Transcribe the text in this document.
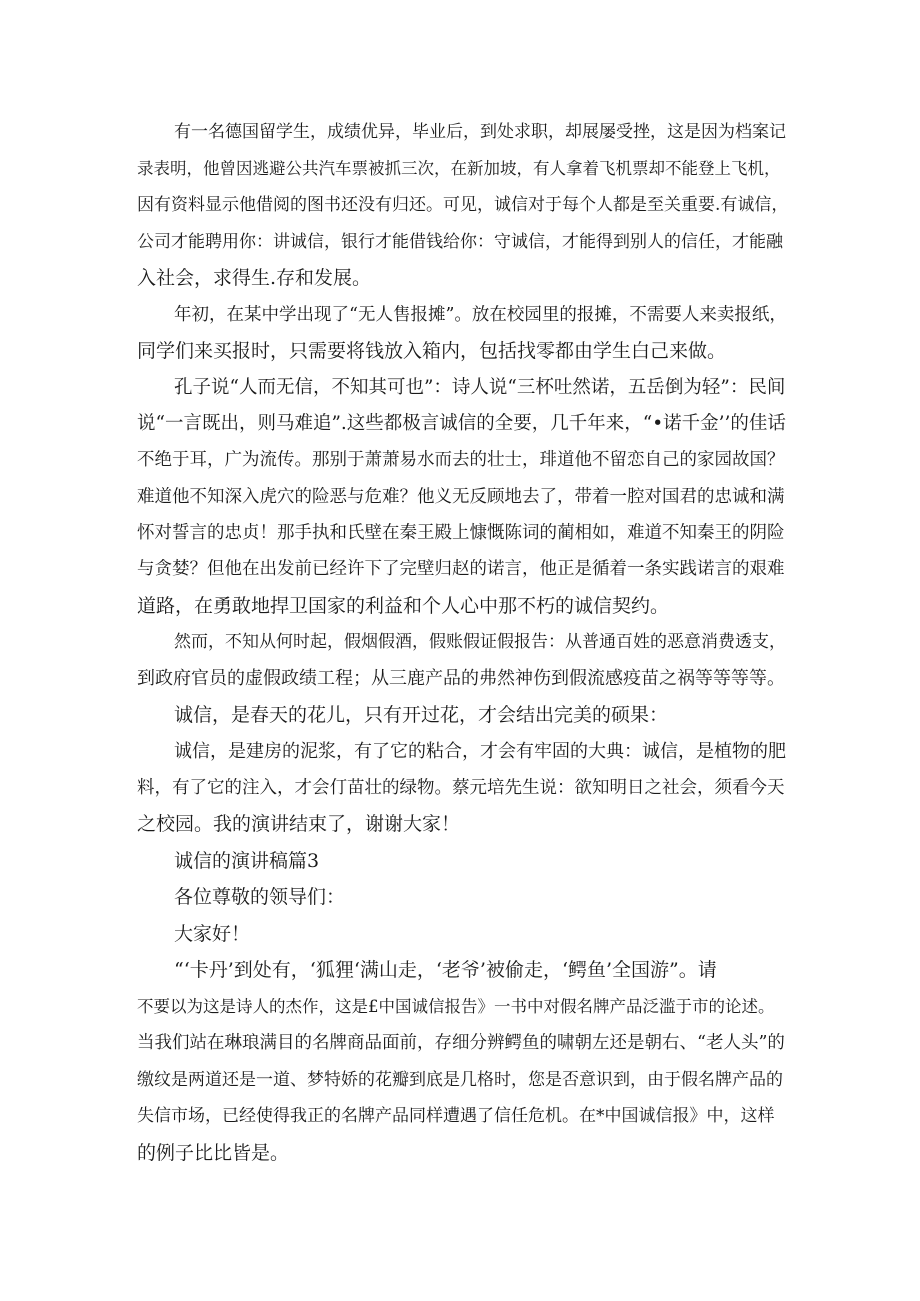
有一名德国留学生，成绩优异，毕业后，到处求职，却展屡受挫，这是因为档案记
录表明，他曾因逃避公共汽车票被抓三次，在新加坡，有人拿着飞机票却不能登上飞机，
因有资料显示他借阅的图书还没有归还。可见，诚信对于每个人都是至关重要.有诚信，
公司才能聘用你：讲诚信，银行才能借钱给你：守诚信，才能得到别人的信任，才能融
入社会，求得生.存和发展。
年初，在某中学出现了“无人售报摊”。放在校园里的报摊，不需要人来卖报纸，
同学们来买报时，只需要将钱放入箱内，包括找零都由学生白己来做。
孔子说“人而无信，不知其可也”：诗人说“三杯吐然诺，五岳倒为轻”：民间
说“一言既出，则马难追”.这些都极言诚信的全要，几千年来，“•诺千金’’的佳话
不绝于耳，广为流传。那别于萧萧易水而去的壮士，琲道他不留恋自己的家园故国？
难道他不知深入虎穴的险恶与危难？他义无反顾地去了，带着一腔对国君的忠诚和满
怀对誓言的忠贞！那手执和氏壁在秦王殿上慷慨陈词的蔺相如，难道不知秦王的阴险
与贪婪？但他在出发前已经许下了完壁归赵的诺言，他正是循着一条实践诺言的艰难
道路，在勇敢地捍卫国家的利益和个人心中那不朽的诚信契约。
然而，不知从何时起，假烟假酒，假账假证假报告：从普通百姓的恶意消费透支，
到政府官员的虚假政绩工程；从三鹿产品的弗然神伤到假流感疫苗之祸等等等等。
诚信，是春天的花儿，只有开过花，才会结出完美的硕果：
诚信，是建房的泥浆，有了它的粘合，才会有牢固的大典：诚信，是植物的肥
料，有了它的注入，才会仃苗壮的绿物。蔡元培先生说：欲知明日之社会，须看今天
之校园。我的演讲结束了，谢谢大家！
诚信的演讲稿篇3
各位尊敬的领导们：
大家好！
“‘卡丹’到处有，‘狐狸‘满山走，‘老爷’被偷走，‘鳄鱼’全国游”。请
不要以为这是诗人的杰作，这是£中国诚信报告》一书中对假名牌产品泛滥于市的论述。
当我们站在琳琅满目的名牌商品面前，存细分辨鳄鱼的啸朝左还是朝右、“老人头”的
缴纹是两道还是一道、梦特娇的花瓣到底是几格时，您是否意识到，由于假名牌产品的
失信市场，已经使得我正的名牌产品同样遭遇了信任危机。在*中国诚信报》中，这样
的例子比比皆是。
